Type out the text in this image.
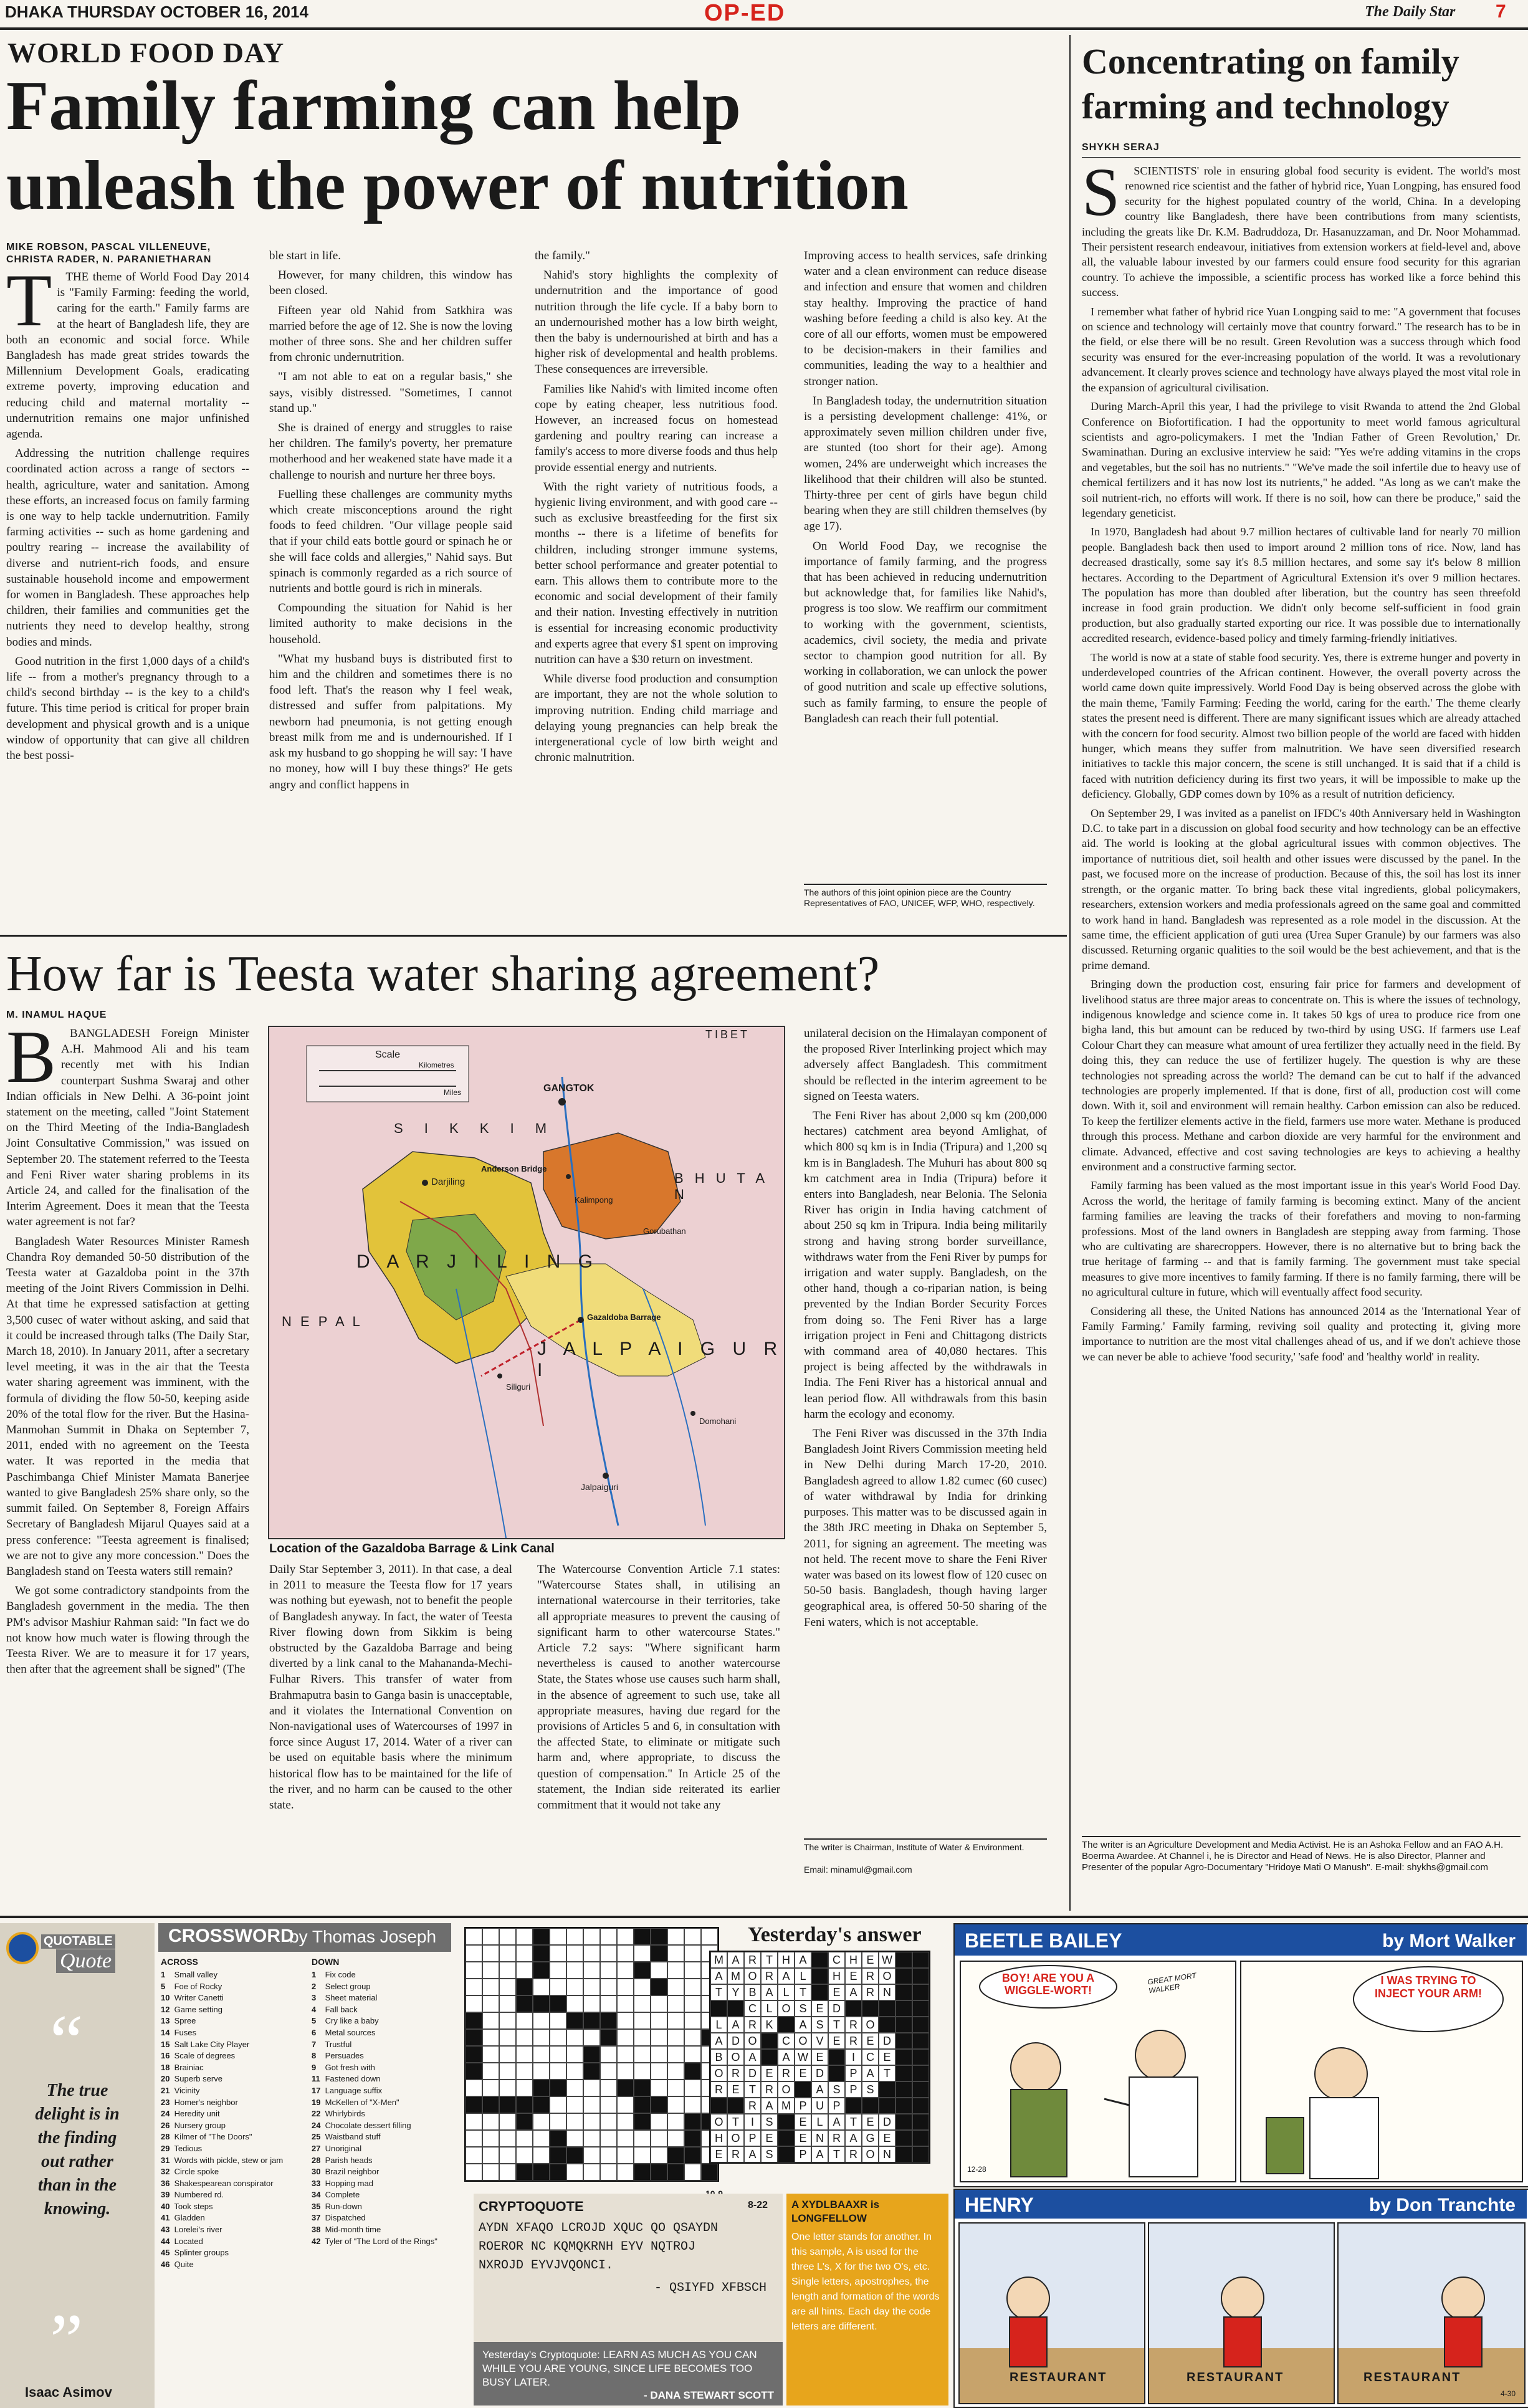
DHAKA THURSDAY OCTOBER 16, 2014	OP-ED	The Daily Star 7
WORLD FOOD DAY
Family farming can help
unleash the power of nutrition
MIKE ROBSON, PASCAL VILLENEUVE,
CHRISTA RADER, N. PARANIETHARAN
T	THE theme of World Food Day 2014 is "Family Farming: feeding the world, caring for the earth." Family farms are at the heart of Bangladesh life, they are both an economic and social force. While Bangladesh has made great strides towards the Millennium Development Goals, eradicating extreme poverty, improving education and reducing child and maternal mortality -- undernutrition remains one major unfinished agenda.

Addressing the nutrition challenge requires coordinated action across a range of sectors -- health, agriculture, water and sanitation. Among these efforts, an increased focus on family farming is one way to help tackle undernutrition. Family farming activities -- such as home gardening and poultry rearing -- increase the availability of diverse and nutrient-rich foods, and ensure sustainable household income and empowerment for women in Bangladesh. These approaches help children, their families and communities get the nutrients they need to develop healthy, strong bodies and minds.

Good nutrition in the first 1,000 days of a child's life -- from a mother's pregnancy through to a child's second birthday -- is the key to a child's future. This time period is critical for proper brain development and physical growth and is a unique window of opportunity that can give all children the best possi-

ble start in life.

However, for many children, this window has been closed.

Fifteen year old Nahid from Satkhira was married before the age of 12. She is now the loving mother of three sons. She and her children suffer from chronic undernutrition.

"I am not able to eat on a regular basis," she says, visibly distressed. "Sometimes, I cannot stand up."

She is drained of energy and struggles to raise her children. The family's poverty, her premature motherhood and her weakened state have made it a challenge to nourish and nurture her three boys.

Fuelling these challenges are community myths which create misconceptions around the right foods to feed children. "Our village people said that if your child eats bottle gourd or spinach he or she will face colds and allergies," Nahid says. But spinach is commonly regarded as a rich source of nutrients and bottle gourd is rich in minerals.

Compounding the situation for Nahid is her limited authority to make decisions in the household.

"What my husband buys is distributed first to him and the children and sometimes there is no food left. That's the reason why I feel weak, distressed and suffer from palpitations. My newborn had pneumonia, is not getting enough breast milk from me and is undernourished. If I ask my husband to go shopping he will say: 'I have no money, how will I buy these things?' He gets angry and conflict happens in

the family."

Nahid's story highlights the complexity of undernutrition and the importance of good nutrition through the life cycle. If a baby born to an undernourished mother has a low birth weight, then the baby is undernourished at birth and has a higher risk of developmental and health problems. These consequences are irreversible.

Families like Nahid's with limited income often cope by eating cheaper, less nutritious food. However, an increased focus on homestead gardening and poultry rearing can increase a family's access to more diverse foods and thus help provide essential energy and nutrients.

With the right variety of nutritious foods, a hygienic living environment, and with good care -- such as exclusive breastfeeding for the first six months -- there is a lifetime of benefits for children, including stronger immune systems, better school performance and greater potential to earn. This allows them to contribute more to the economic and social development of their family and their nation. Investing effectively in nutrition is essential for increasing economic productivity and experts agree that every $1 spent on improving nutrition can have a $30 return on investment.

While diverse food production and consumption are important, they are not the whole solution to improving nutrition. Ending child marriage and delaying young pregnancies can help break the intergenerational cycle of low birth weight and chronic malnutrition.

Improving access to health services, safe drinking water and a clean environment can reduce disease and infection and ensure that women and children stay healthy. Improving the practice of hand washing before feeding a child is also key. At the core of all our efforts, women must be empowered to be decision-makers in their families and communities, leading the way to a healthier and stronger nation.

In Bangladesh today, the undernutrition situation is a persisting development challenge: 41%, or approximately seven million children under five, are stunted (too short for their age). Among women, 24% are underweight which increases the likelihood that their children will also be stunted. Thirty-three per cent of girls have begun child bearing when they are still children themselves (by age 17).

On World Food Day, we recognise the importance of family farming, and the progress that has been achieved in reducing undernutrition but acknowledge that, for families like Nahid's, progress is too slow. We reaffirm our commitment to working with the government, scientists, academics, civil society, the media and private sector to champion good nutrition for all. By working in collaboration, we can unlock the power of good nutrition and scale up effective solutions, such as family farming, to ensure the people of Bangladesh can reach their full potential.

The authors of this joint opinion piece are the Country Representatives of FAO, UNICEF, WFP, WHO, respectively.
How far is Teesta water sharing agreement?
M. INAMUL HAQUE
B	BANGLADESH Foreign Minister A.H. Mahmood Ali and his team recently met with his Indian counterpart Sushma Swaraj and other Indian officials in New Delhi. A 36-point joint statement on the meeting, called "Joint Statement on the Third Meeting of the India-Bangladesh Joint Consultative Commission," was issued on September 20. The statement referred to the Teesta and Feni River water sharing problems in its Article 24, and called for the finalisation of the Interim Agreement. Does it mean that the Teesta water agreement is not far?

Bangladesh Water Resources Minister Ramesh Chandra Roy demanded 50-50 distribution of the Teesta water at Gazaldoba point in the 37th meeting of the Joint Rivers Commission in Delhi. At that time he expressed satisfaction at getting 3,500 cusec of water without asking, and said that it could be increased through talks (The Daily Star, March 18, 2010). In January 2011, after a secretary level meeting, it was in the air that the Teesta water sharing agreement was imminent, with the formula of dividing the flow 50-50, keeping aside 20% of the total flow for the river. But the Hasina-Manmohan Summit in Dhaka on September 7, 2011, ended with no agreement on the Teesta water. It was reported in the media that Paschimbanga Chief Minister Mamata Banerjee wanted to give Bangladesh 25% share only, so the summit failed. On September 8, Foreign Affairs Secretary of Bangladesh Mijarul Quayes said at a press conference: "Teesta agreement is finalised; we are not to give any more concession." Does the Bangladesh stand on Teesta waters still remain?

We got some contradictory standpoints from the Bangladesh government in the media. The then PM's advisor Mashiur Rahman said: "In fact we do not know how much water is flowing through the Teesta River. We are to measure it for 17 years, then after that the agreement shall be signed" (The

Scale
Kilometres
Miles
TIBET
S I K K I M
B H U T A N
GANGTOK
N E P A L
D A R J I L I N G
J A L P A I G U R I
Gazaldoba Barrage
Jalpaiguri
Anderson Bridge
Kalimpong
Darjiling
Siliguri
Domohani
Gorubathan
Location of the Gazaldoba Barrage & Link Canal

Daily Star September 3, 2011). In that case, a deal in 2011 to measure the Teesta flow for 17 years was nothing but eyewash, not to benefit the people of Bangladesh anyway. In fact, the water of Teesta River flowing down from Sikkim is being obstructed by the Gazaldoba Barrage and being diverted by a link canal to the Mahananda-Mechi-Fulhar Rivers. This transfer of water from Brahmaputra basin to Ganga basin is unacceptable, and it violates the International Convention on Non-navigational uses of Watercourses of 1997 in force since August 17, 2014. Water of a river can be used on equitable basis where the minimum historical flow has to be maintained for the life of the river, and no harm can be caused to the other state.

The Watercourse Convention Article 7.1 states: "Watercourse States shall, in utilising an international watercourse in their territories, take all appropriate measures to prevent the causing of significant harm to other watercourse States." Article 7.2 says: "Where significant harm nevertheless is caused to another watercourse State, the States whose use causes such harm shall, in the absence of agreement to such use, take all appropriate measures, having due regard for the provisions of Articles 5 and 6, in consultation with the affected State, to eliminate or mitigate such harm and, where appropriate, to discuss the question of compensation." In Article 25 of the statement, the Indian side reiterated its earlier commitment that it would not take any

unilateral decision on the Himalayan component of the proposed River Interlinking project which may adversely affect Bangladesh. This commitment should be reflected in the interim agreement to be signed on Teesta waters.

The Feni River has about 2,000 sq km (200,000 hectares) catchment area beyond Amlighat, of which 800 sq km is in India (Tripura) and 1,200 sq km is in Bangladesh. The Muhuri has about 800 sq km catchment area in India (Tripura) before it enters into Bangladesh, near Belonia. The Selonia River has origin in India having catchment of about 250 sq km in Tripura. India being militarily strong and having strong border surveillance, withdraws water from the Feni River by pumps for irrigation and water supply. Bangladesh, on the other hand, though a co-riparian nation, is being prevented by the Indian Border Security Forces from doing so. The Feni River has a large irrigation project in Feni and Chittagong districts with command area of 40,080 hectares. This project is being affected by the withdrawals in India. The Feni River has a historical annual and lean period flow. All withdrawals from this basin harm the ecology and economy.

The Feni River was discussed in the 37th India Bangladesh Joint Rivers Commission meeting held in New Delhi during March 17-20, 2010. Bangladesh agreed to allow 1.82 cumec (60 cusec) of water withdrawal by India for drinking purposes. This matter was to be discussed again in the 38th JRC meeting in Dhaka on September 5, 2011, for signing an agreement. The meeting was not held. The recent move to share the Feni River water was based on its lowest flow of 120 cusec on 50-50 basis. Bangladesh, though having larger geographical area, is offered 50-50 sharing of the Feni waters, which is not acceptable.

The writer is Chairman, Institute of Water & Environment.
Email: minamul@gmail.com
Concentrating on family
farming and technology
SHYKH SERAJ
S	SCIENTISTS' role in ensuring global food security is evident. The world's most renowned rice scientist and the father of hybrid rice, Yuan Longping, has ensured food security for the highest populated country of the world, China. In a developing country like Bangladesh, there have been contributions from many scientists, including the greats like Dr. K.M. Badruddoza, Dr. Hasanuzzaman, and Dr. Noor Mohammad. Their persistent research endeavour, initiatives from extension workers at field-level and, above all, the valuable labour invested by our farmers could ensure food security for this agrarian country. To achieve the impossible, a scientific process has worked like a force behind this success.

I remember what father of hybrid rice Yuan Longping said to me: "A government that focuses on science and technology will certainly move that country forward." The research has to be in the field, or else there will be no result. Green Revolution was a success through which food security was ensured for the ever-increasing population of the world. It was a revolutionary advancement. It clearly proves science and technology have always played the most vital role in the expansion of agricultural civilisation.

During March-April this year, I had the privilege to visit Rwanda to attend the 2nd Global Conference on Biofortification. I had the opportunity to meet world famous agricultural scientists and agro-policymakers. I met the 'Indian Father of Green Revolution,' Dr. Swaminathan. During an exclusive interview he said: "Yes we're adding vitamins in the crops and vegetables, but the soil has no nutrients." "We've made the soil infertile due to heavy use of chemical fertilizers and it has now lost its nutrients," he added. "As long as we can't make the soil nutrient-rich, no efforts will work. If there is no soil, how can there be produce," said the legendary geneticist.

In 1970, Bangladesh had about 9.7 million hectares of cultivable land for nearly 70 million people. Bangladesh back then used to import around 2 million tons of rice. Now, land has decreased drastically, some say it's 8.5 million hectares, and some say it's below 8 million hectares. According to the Department of Agricultural Extension it's over 9 million hectares. The population has more than doubled after liberation, but the country has seen threefold increase in food grain production. We didn't only become self-sufficient in food grain production, but also gradually started exporting our rice. It was possible due to internationally accredited research, evidence-based policy and timely farming-friendly initiatives.

The world is now at a state of stable food security. Yes, there is extreme hunger and poverty in underdeveloped countries of the African continent. However, the overall poverty across the world came down quite impressively. World Food Day is being observed across the globe with the main theme, 'Family Farming: Feeding the world, caring for the earth.' The theme clearly states the present need is different. There are many significant issues which are already attached with the concern for food security. Almost two billion people of the world are faced with hidden hunger, which means they suffer from malnutrition. We have seen diversified research initiatives to tackle this major concern, the scene is still unchanged. It is said that if a child is faced with nutrition deficiency during its first two years, it will be impossible to make up the deficiency. Globally, GDP comes down by 10% as a result of nutrition deficiency.

On September 29, I was invited as a panelist on IFDC's 40th Anniversary held in Washington D.C. to take part in a discussion on global food security and how technology can be an effective aid. The world is looking at the global agricultural issues with common objectives. The importance of nutritious diet, soil health and other issues were discussed by the panel. In the past, we focused more on the increase of production. Because of this, the soil has lost its inner strength, or the organic matter. To bring back these vital ingredients, global policymakers, researchers, extension workers and media professionals agreed on the same goal and committed to work hand in hand. Bangladesh was represented as a role model in the discussion. At the same time, the efficient application of guti urea (Urea Super Granule) by our farmers was also discussed. Returning organic qualities to the soil would be the best achievement, and that is the prime demand.

Bringing down the production cost, ensuring fair price for farmers and development of livelihood status are three major areas to concentrate on. This is where the issues of technology, indigenous knowledge and science come in. It takes 50 kgs of urea to produce rice from one bigha land, this but amount can be reduced by two-third by using USG. If farmers use Leaf Colour Chart they can measure what amount of urea fertilizer they actually need in the field. By doing this, they can reduce the use of fertilizer hugely. The question is why are these technologies not spreading across the world? The demand can be cut to half if the advanced technologies are properly implemented. If that is done, first of all, production cost will come down. With it, soil and environment will remain healthy. Carbon emission can also be reduced. To keep the fertilizer elements active in the field, farmers use more water. Methane is produced through this process. Methane and carbon dioxide are very harmful for the environment and climate. Advanced, effective and cost saving technologies are keys to achieving a healthy environment and a constructive farming sector.

Family farming has been valued as the most important issue in this year's World Food Day. Across the world, the heritage of family farming is becoming extinct. Many of the ancient farming families are leaving the tracks of their forefathers and moving to non-farming professions. Most of the land owners in Bangladesh are stepping away from farming. Those who are cultivating are sharecroppers. However, there is no alternative but to bring back the true heritage of farming -- and that is family farming. The government must take special measures to give more incentives to family farming. If there is no family farming, there will be no agricultural culture in future, which will eventually affect food security.

Considering all these, the United Nations has announced 2014 as the 'International Year of Family Farming.' Family farming, reviving soil quality and protecting it, giving more importance to nutrition are the most vital challenges ahead of us, and if we don't achieve those we can never be able to achieve 'food security,' 'safe food' and 'healthy world' in reality.

The writer is an Agriculture Development and Media Activist. He is an Ashoka Fellow and an FAO A.H. Boerma Awardee. At Channel i, he is Director and Head of News. He is also Director, Planner and Presenter of the popular Agro-Documentary "Hridoye Mati O Manush". E-mail: shykhs@gmail.com
QUOTABLE
Quote
“
The true delight is in the finding out rather than in the knowing.
”
Isaac Asimov
CROSSWORD
by Thomas Joseph
ACROSS	DOWN
1 Small valley
5 Foe of Rocky
10 Writer Canetti
12 Game setting
13 Spree
14 Fuses
15 Salt Lake City Player
16 Scale of degrees
18 Brainiac
20 Superb serve
21 Vicinity
23 Homer's neighbor
24 Heredity unit
26 Nursery group
28 Kilmer of "The Doors"
29 Tedious
31 Words with pickle, stew or jam
32 Circle spoke
36 Shakespearean conspirator
39 Numbered rd.
40 Took steps
41 Gladden
43 Lorelei's river
44 Located
45 Splinter groups
46 Quite
1 Fix code
2 Select group
3 Sheet material
4 Fall back
5 Cry like a baby
6 Metal sources
7 Trustful
8 Persuades
9 Got fresh with
11 Fastened down
17 Language suffix
19 McKellen of "X-Men"
22 Whirlybirds
24 Chocolate dessert filling
25 Waistband stuff
27 Unoriginal
28 Parish heads
30 Brazil neighbor
33 Hopping mad
34 Complete
35 Run-down
37 Dispatched
38 Mid-month time
42 Tyler of "The Lord of the Rings"
Yesterday's answer
M A R T H A	C H E W
A M O R A L	H E R O
T Y B A L T	E A R N
C L O S E D
L A R K	A S T R O
A D O	C O V E R E D
B O A	A W E	I	C E
O R D E R E D	P A T
R E T R O	A S P S
R A M P U P
O T	I	S	E L A T E D
H O P E	E N R A G E
E R A S	P A T R O N
CRYPTOQUOTE	8-22
AYDN XFAQO LCROJD XQUC QO QSAYDN
ROEROR NC KQMQKRNH EYV NQTROJ
NXROJD EYVJVQONCI.
- QSIYFD XFBSCH
Yesterday's Cryptoquote: LEARN AS MUCH AS YOU CAN WHILE YOU ARE YOUNG, SINCE LIFE BECOMES TOO BUSY LATER.
- DANA STEWART SCOTT
A XYDLBAAXR is
LONGFELLOW
One letter stands for another. In this sample, A is used for the three L's, X for the two O's, etc. Single letters, apostrophes, the length and formation of the words are all hints. Each day the code letters are different.
BEETLE BAILEY	by Mort Walker
BOY! ARE YOU A WIGGLE-WORT!
GREAT MORT WALKER
12-28
I WAS TRYING TO INJECT YOUR ARM!
HENRY	by Don Tranchte
RESTAURANT	RESTAURANT	RESTAURANT
4-30
